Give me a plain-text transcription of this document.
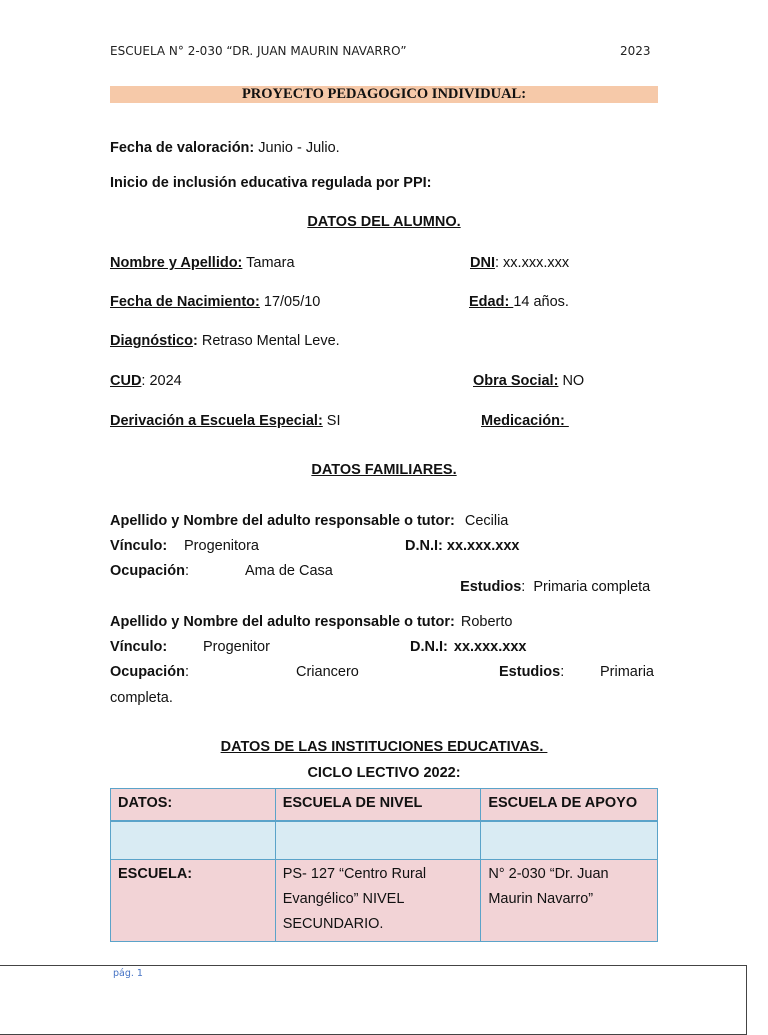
ESCUELA N° 2-030 “DR. JUAN MAURIN NAVARRO”	2023
PROYECTO PEDAGOGICO INDIVIDUAL:
Fecha de valoración: Junio - Julio.
Inicio de inclusión educativa regulada por PPI:
DATOS DEL ALUMNO.
Nombre y Apellido: Tamara	DNI: xx.xxx.xxx
Fecha de Nacimiento: 17/05/10	Edad: 14 años.
Diagnóstico: Retraso Mental Leve.
CUD: 2024	Obra Social: NO
Derivación a Escuela Especial: SI	Medicación:
DATOS FAMILIARES.
Apellido y Nombre del adulto responsable o tutor: Cecilia
Vínculo: Progenitora	D.N.I: xx.xxx.xxx
Ocupación:	Ama de Casa

Estudios:  Primaria completa

Apellido y Nombre del adulto responsable o tutor: Roberto
Vínculo: Progenitor	D.N.I: xx.xxx.xxx
Ocupación:	Criancero	Estudios: Primaria
completa.
DATOS DE LAS INSTITUCIONES EDUCATIVAS.
CICLO LECTIVO 2022:
DATOS:	ESCUELA DE NIVEL	ESCUELA DE APOYO

ESCUELA:	PS- 127 “Centro Rural Evangélico” NIVEL SECUNDARIO.	N° 2-030 “Dr. Juan Maurin Navarro”
pág. 1
